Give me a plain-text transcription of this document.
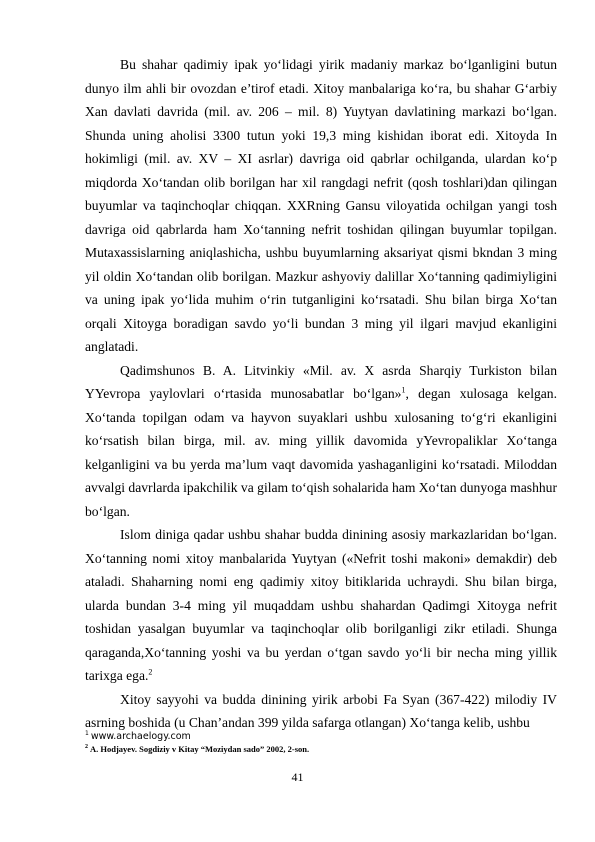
Bu shahar qadimiy ipak yo‘lidagi yirik madaniy markaz bo‘lganligini butun dunyo ilm ahli bir ovozdan e’tirof etadi. Xitoy manbalariga ko‘ra, bu shahar G‘arbiy Xan davlati davrida (mil. av. 206 – mil. 8) Yuytyan davlatining markazi bo‘lgan. Shunda uning aholisi 3300 tutun yoki 19,3 ming kishidan iborat edi. Xitoyda In hokimligi (mil. av. XV – XI asrlar) davriga oid qabrlar ochilganda, ulardan ko‘p miqdorda Xo‘tandan olib borilgan har xil rangdagi nefrit (qosh toshlari)dan qilingan buyumlar va taqinchoqlar chiqqan. XXRning Gansu viloyatida ochilgan yangi tosh davriga oid qabrlarda ham Xo‘tanning nefrit toshidan qilingan buyumlar topilgan. Mutaxassislarning aniqlashicha, ushbu buyumlarning aksariyat qismi bkndan 3 ming yil oldin Xo‘tandan olib borilgan. Mazkur ashyoviy dalillar Xo‘tanning qadimiyligini va uning ipak yo‘lida muhim o‘rin tutganligini ko‘rsatadi. Shu bilan birga Xo‘tan orqali Xitoyga boradigan savdo yo‘li bundan 3 ming yil ilgari mavjud ekanligini anglatadi.

Qadimshunos B. A. Litvinkiy «Mil. av. X asrda Sharqiy Turkiston bilan YYevropa yaylovlari o‘rtasida munosabatlar bo‘lgan»$^1$, degan xulosaga kelgan. Xo‘tanda topilgan odam va hayvon suyaklari ushbu xulosaning to‘g‘ri ekanligini ko‘rsatish bilan birga, mil. av. ming yillik davomida yYevropaliklar Xo‘tanga kelganligini va bu yerda ma’lum vaqt davomida yashaganligini ko‘rsatadi. Miloddan avvalgi davrlarda ipakchilik va gilam to‘qish sohalarida ham Xo‘tan dunyoga mashhur bo‘lgan.

Islom diniga qadar ushbu shahar budda dinining asosiy markazlaridan bo‘lgan. Xo‘tanning nomi xitoy manbalarida Yuytyan («Nefrit toshi makoni» demakdir) deb ataladi. Shaharning nomi eng qadimiy xitoy bitiklarida uchraydi. Shu bilan birga, ularda bundan 3-4 ming yil muqaddam ushbu shahardan Qadimgi Xitoyga nefrit toshidan yasalgan buyumlar va taqinchoqlar olib borilganligi zikr etiladi. Shunga qaraganda,Xo‘tanning yoshi va bu yerdan o‘tgan savdo yo‘li bir necha ming yillik tarixga ega.$^2$

Xitoy sayyohi va budda dinining yirik arbobi Fa Syan (367-422) milodiy IV asrning boshida (u Chan’andan 399 yilda safarga otlangan) Xo‘tanga kelib, ushbu

$^1$ www.archaelogy.com

$^2$ A. Hodjayev. Sogdiziy v Kitay “Moziydan sado” 2002, 2-son.

41
